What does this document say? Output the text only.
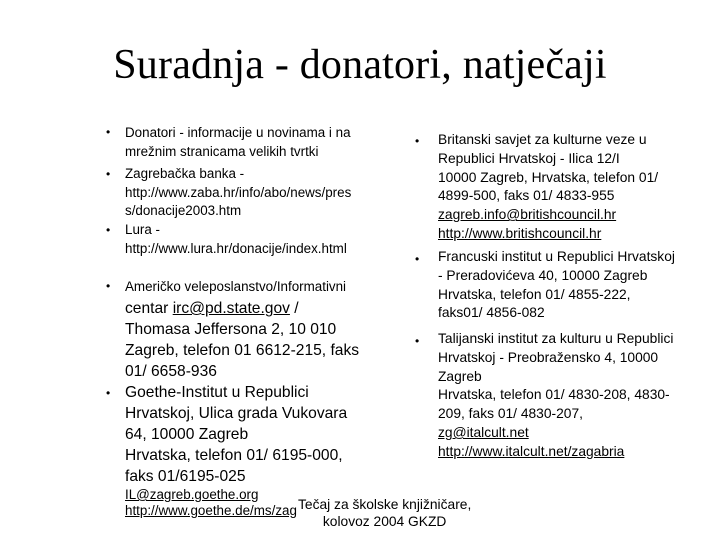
Suradnja - donatori, natječaji
• Donatori - informacije u novinama i na
mrežnim stranicama velikih tvrtki
• Zagrebačka banka -
http://www.zaba.hr/info/abo/news/pres
s/donacije2003.htm
• Lura -
http://www.lura.hr/donacije/index.html
• Američko veleposlanstvo/Informativni
centar irc@pd.state.gov /
Thomasa Jeffersona 2, 10 010
Zagreb, telefon 01 6612-215, faks
01/ 6658-936
• Goethe-Institut u Republici
Hrvatskoj, Ulica grada Vukovara
64, 10000 Zagreb
Hrvatska, telefon 01/ 6195-000,
faks 01/6195-025
IL@zagreb.goethe.org
http://www.goethe.de/ms/zag
• Britanski savjet za kulturne veze u
Republici Hrvatskoj - Ilica 12/I
10000 Zagreb, Hrvatska, telefon 01/
4899-500, faks 01/ 4833-955
zagreb.info@britishcouncil.hr
http://www.britishcouncil.hr
• Francuski institut u Republici Hrvatskoj
- Preradovićeva 40, 10000 Zagreb
Hrvatska, telefon 01/ 4855-222,
faks01/ 4856-082
• Talijanski institut za kulturu u Republici
Hrvatskoj - Preobražensko 4, 10000
Zagreb
Hrvatska, telefon 01/ 4830-208, 4830-
209, faks 01/ 4830-207,
zg@italcult.net
http://www.italcult.net/zagabria
Tečaj za školske knjižničare,
kolovoz 2004 GKZD
